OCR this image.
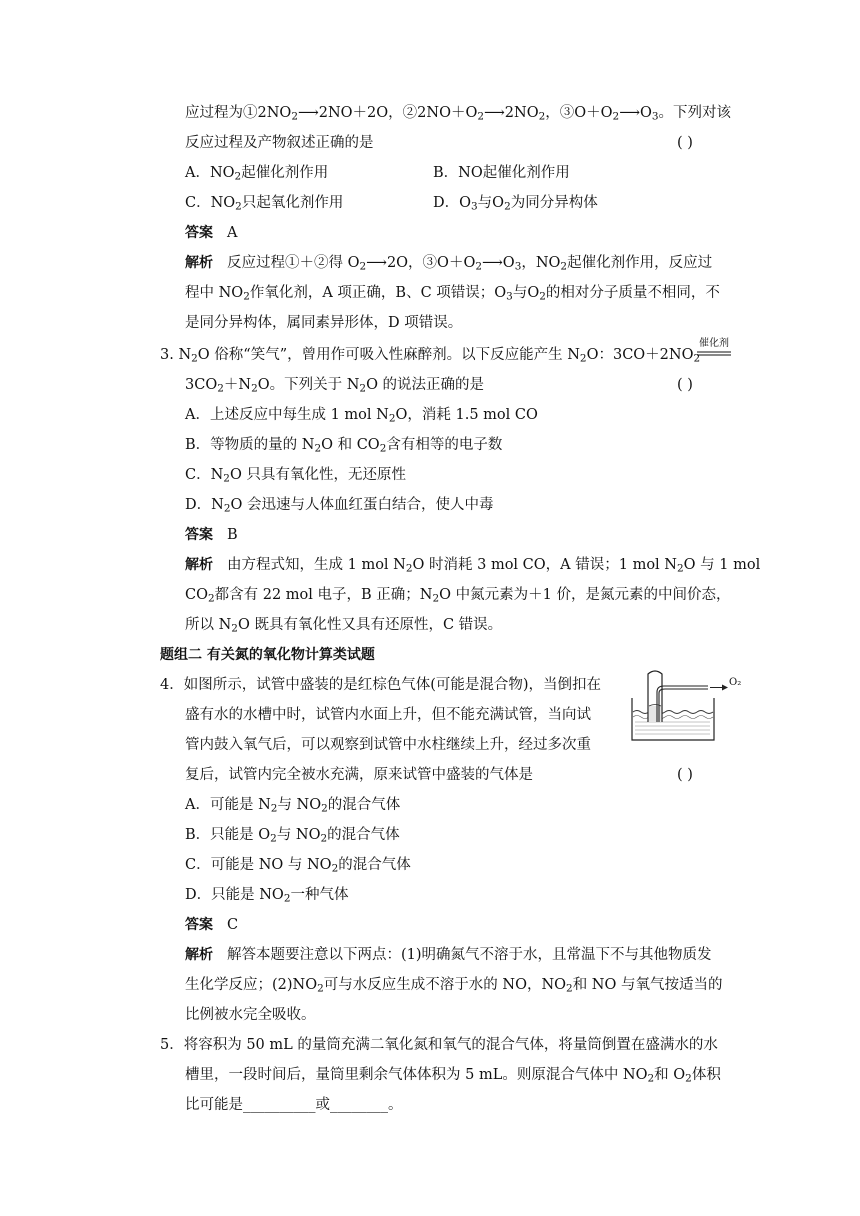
催化剂
O₂
应过程为$①2NO_2⟶2NO+2O$，$②2NO+O_2⟶2NO_2$，$③O+O_2⟶O_3$。下列对该
反应过程及产物叙述正确的是
A．$NO_2$起催化剂作用	B．NO起催化剂作用
C．$NO_2$只起氧化剂作用	D．$O_3$与$O_2$为同分异构体
答案 A
解析 反应过程①＋②得 $O_2⟶2O$，$③O+O_2⟶O_3$，$NO_2$起催化剂作用，反应过
程中 $NO_2$作氧化剂，A 项正确，B、C 项错误；$O_3$与$O_2$的相对分子质量不相同，不
是同分异构体，属同素异形体，D 项错误。
3. $N_2O$ 俗称“笑气”，曾用作可吸入性麻醉剂。以下反应能产生 $N_2O$：$3CO+2NO_2$
$3CO_2+N_2O$。下列关于 $N_2O$ 的说法正确的是
A．上述反应中每生成 1 mol $N_2O$，消耗 1.5 mol CO
B．等物质的量的 $N_2O$ 和 $CO_2$含有相等的电子数
C．$N_2O$ 只具有氧化性，无还原性
D．$N_2O$ 会迅速与人体血红蛋白结合，使人中毒
答案 B
解析 由方程式知，生成 1 mol $N_2O$ 时消耗 3 mol CO，A 错误；1 mol $N_2O$ 与 1 mol
$CO_2$都含有 22 mol 电子，B 正确；$N_2O$ 中氮元素为＋1 价，是氮元素的中间价态，
所以 $N_2O$ 既具有氧化性又具有还原性，C 错误。
题组二 有关氮的氧化物计算类试题
4．如图所示，试管中盛装的是红棕色气体(可能是混合物)，当倒扣在
盛有水的水槽中时，试管内水面上升，但不能充满试管，当向试
管内鼓入氧气后，可以观察到试管中水柱继续上升，经过多次重
复后，试管内完全被水充满，原来试管中盛装的气体是
A．可能是 $N_2$与 $NO_2$的混合气体
B．只能是 $O_2$与 $NO_2$的混合气体
C．可能是 NO 与 $NO_2$的混合气体
D．只能是 $NO_2$一种气体
答案 C
解析 解答本题要注意以下两点：(1)明确氮气不溶于水，且常温下不与其他物质发
生化学反应；$(2)NO_2$可与水反应生成不溶于水的 NO，$NO_2$和 NO 与氧气按适当的
比例被水完全吸收。
5．将容积为 50 mL 的量筒充满二氧化氮和氧气的混合气体，将量筒倒置在盛满水的水
槽里，一段时间后，量筒里剩余气体体积为 5 mL。则原混合气体中 $NO_2$和 $O_2$体积
比可能是__________或________。
( )
( )
( )
